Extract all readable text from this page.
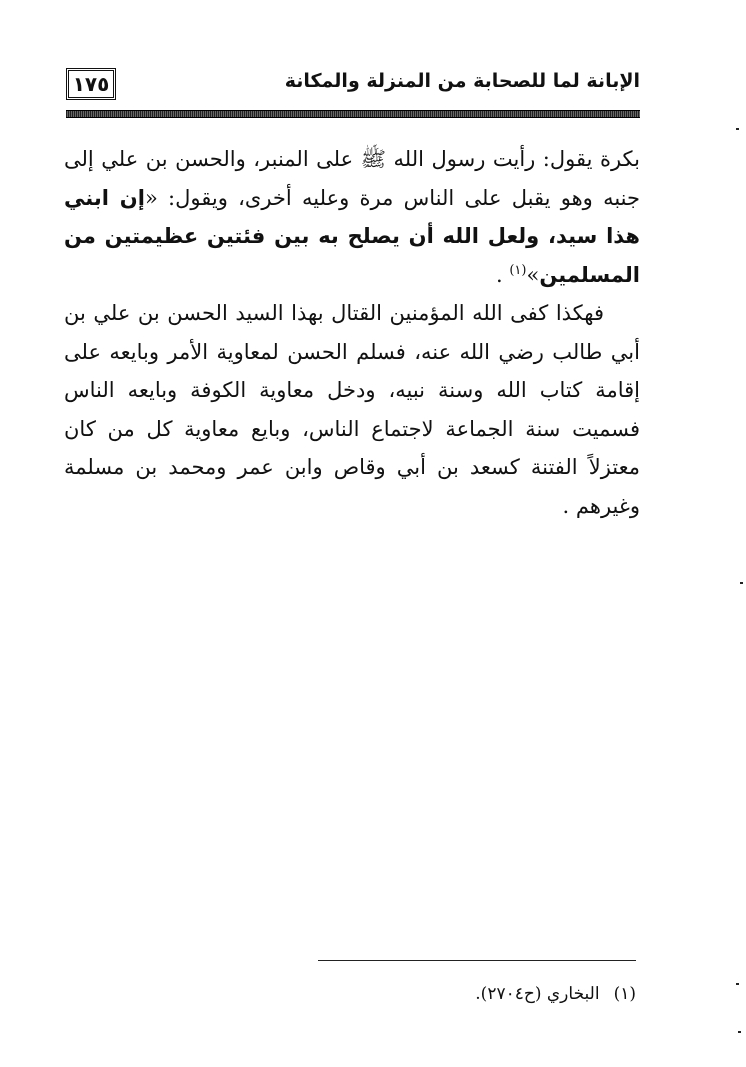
١٧٥	الإبانة لما للصحابة من المنزلة والمكانة

بكرة يقول: رأيت رسول الله ﷺ على المنبر، والحسن بن علي إلى جنبه وهو يقبل على الناس مرة وعليه أخرى، ويقول: «إن ابني هذا سيد، ولعل الله أن يصلح به بين فئتين عظيمتين من المسلمين»$^{(١)}$ .

فهكذا كفى الله المؤمنين القتال بهذا السيد الحسن بن علي بن أبي طالب رضي الله عنه، فسلم الحسن لمعاوية الأمر وبايعه على إقامة كتاب الله وسنة نبيه، ودخل معاوية الكوفة وبايعه الناس فسميت سنة الجماعة لاجتماع الناس، وبايع معاوية كل من كان معتزلاً الفتنة كسعد بن أبي وقاص وابن عمر ومحمد بن مسلمة وغيرهم .

(١)البخاري (ح٢٧٠٤).
